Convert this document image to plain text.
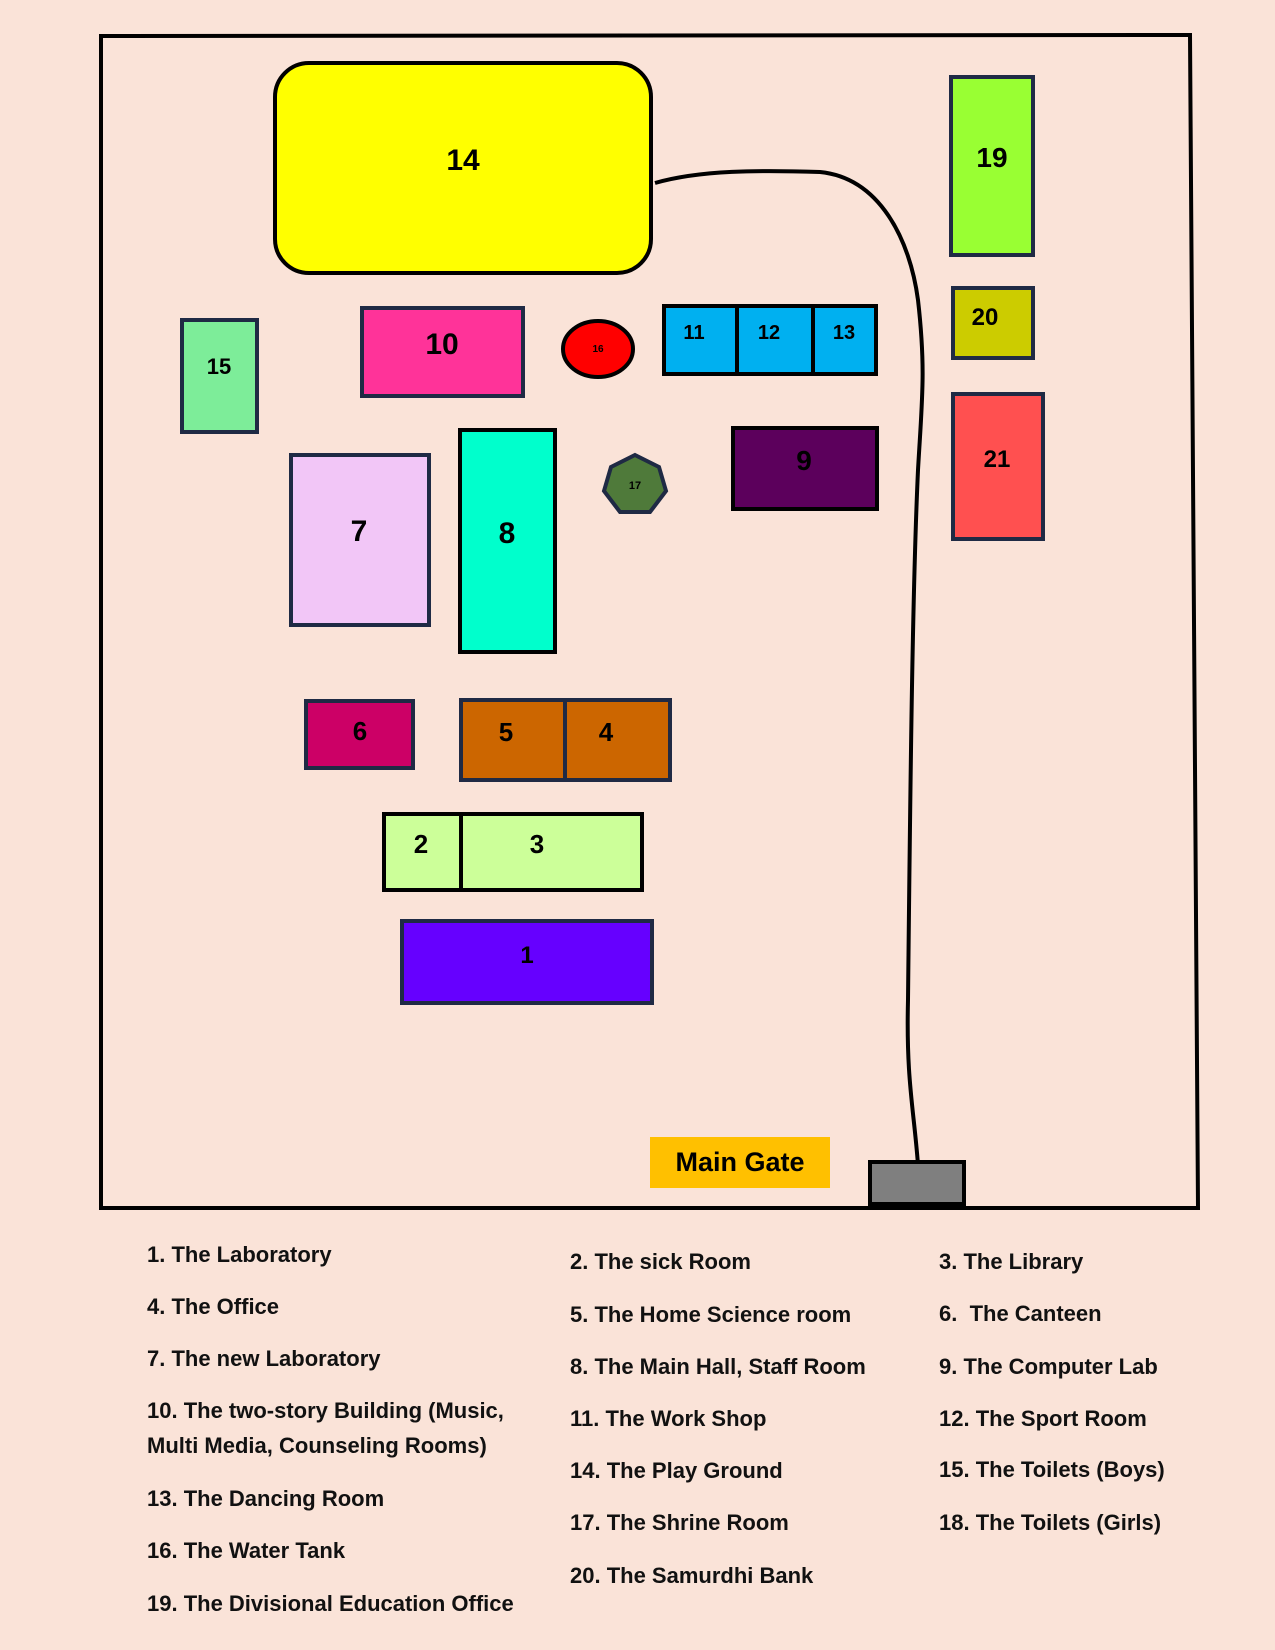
14	19
20
21
15
10	16
11	12	13
17
9
7	8
6	5	4
2	3
1
Main Gate
1. The Laboratory	2. The sick Room	3. The Library
4. The Office	5. The Home Science room	6.  The Canteen
7. The new Laboratory	8. The Main Hall, Staff Room	9. The Computer Lab
10. The two-story Building (Music,
Multi Media, Counseling Rooms)
11. The Work Shop	12. The Sport Room
13. The Dancing Room
14. The Play Ground	15. The Toilets (Boys)
16. The Water Tank
17. The Shrine Room	18. The Toilets (Girls)
19. The Divisional Education Office
20. The Samurdhi Bank
